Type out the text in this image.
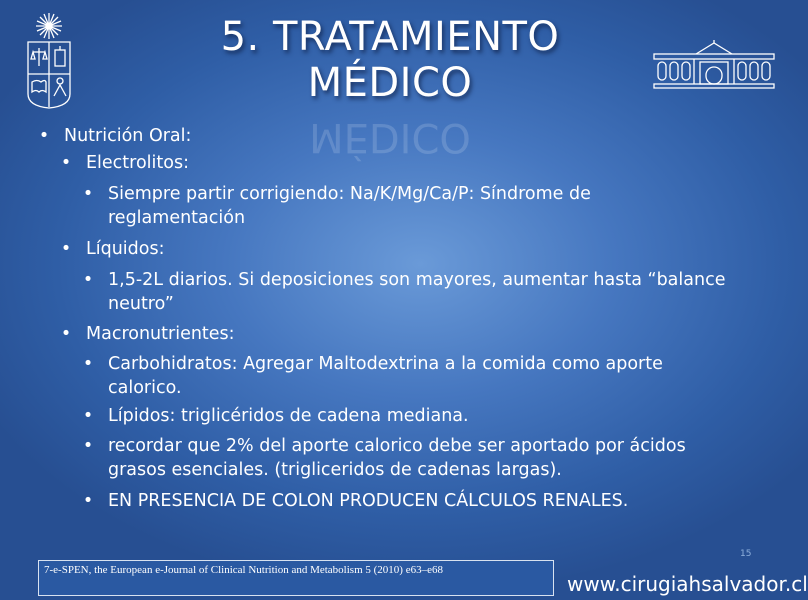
5. TRATAMIENTO
MÉDICO
MÉDICO
• Nutrición Oral:
• Electrolitos:
• Siempre partir corrigiendo: Na/K/Mg/Ca/P: Síndrome de
reglamentación
• Líquidos:
• 1,5-2L diarios. Si deposiciones son mayores, aumentar hasta “balance
neutro”
• Macronutrientes:
• Carbohidratos: Agregar Maltodextrina a la comida como aporte
calorico.
• Lípidos: triglicéridos de cadena mediana.
• recordar que 2% del aporte calorico debe ser aportado por ácidos
grasos esenciales. (trigliceridos de cadenas largas).
• EN PRESENCIA DE COLON PRODUCEN CÁLCULOS RENALES.
15
7-e-SPEN, the European e-Journal of Clinical Nutrition and Metabolism 5 (2010) e63–e68
www.cirugiahsalvador.cl
